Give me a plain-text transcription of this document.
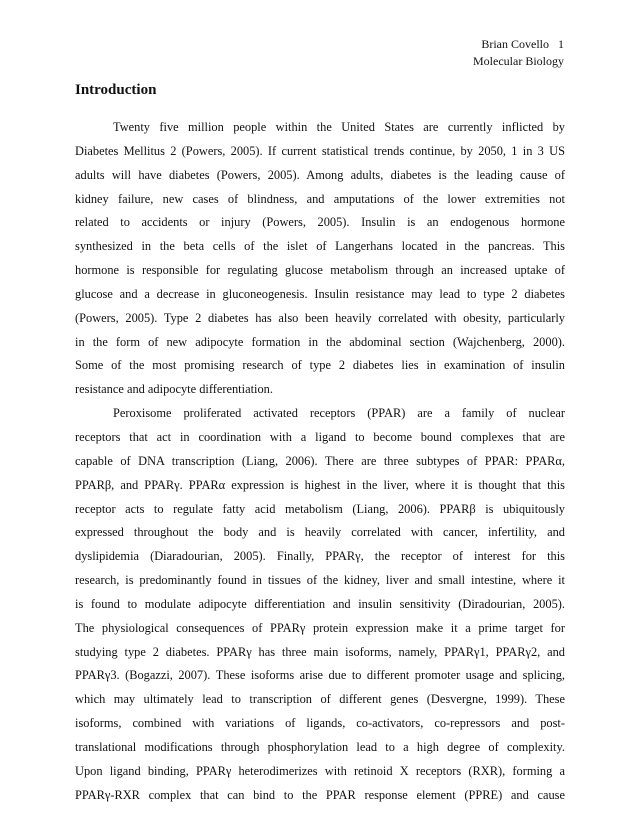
Brian Covello   1
Molecular Biology
Introduction
Twenty five million people within the United States are currently inflicted by
Diabetes Mellitus 2 (Powers, 2005). If current statistical trends continue, by 2050, 1 in 3 US
adults will have diabetes (Powers, 2005). Among adults, diabetes is the leading cause of
kidney failure, new cases of blindness, and amputations of the lower extremities not
related to accidents or injury (Powers, 2005). Insulin is an endogenous hormone
synthesized in the beta cells of the islet of Langerhans located in the pancreas. This
hormone is responsible for regulating glucose metabolism through an increased uptake of
glucose and a decrease in gluconeogenesis. Insulin resistance may lead to type 2 diabetes
(Powers, 2005). Type 2 diabetes has also been heavily correlated with obesity, particularly
in the form of new adipocyte formation in the abdominal section (Wajchenberg, 2000).
Some of the most promising research of type 2 diabetes lies in examination of insulin
resistance and adipocyte differentiation.
Peroxisome proliferated activated receptors (PPAR) are a family of nuclear
receptors that act in coordination with a ligand to become bound complexes that are
capable of DNA transcription (Liang, 2006). There are three subtypes of PPAR: PPARα,
PPARβ, and PPARγ. PPARα expression is highest in the liver, where it is thought that this
receptor acts to regulate fatty acid metabolism (Liang, 2006). PPARβ is ubiquitously
expressed throughout the body and is heavily correlated with cancer, infertility, and
dyslipidemia (Diaradourian, 2005). Finally, PPARγ, the receptor of interest for this
research, is predominantly found in tissues of the kidney, liver and small intestine, where it
is found to modulate adipocyte differentiation and insulin sensitivity (Diradourian, 2005).
The physiological consequences of PPARγ protein expression make it a prime target for
studying type 2 diabetes. PPARγ has three main isoforms, namely, PPARγ1, PPARγ2, and
PPARγ3. (Bogazzi, 2007). These isoforms arise due to different promoter usage and splicing,
which may ultimately lead to transcription of different genes (Desvergne, 1999). These
isoforms, combined with variations of ligands, co-activators, co-repressors and post-
translational modifications through phosphorylation lead to a high degree of complexity.
Upon ligand binding, PPARγ heterodimerizes with retinoid X receptors (RXR), forming a
PPARγ-RXR complex that can bind to the PPAR response element (PPRE) and cause
